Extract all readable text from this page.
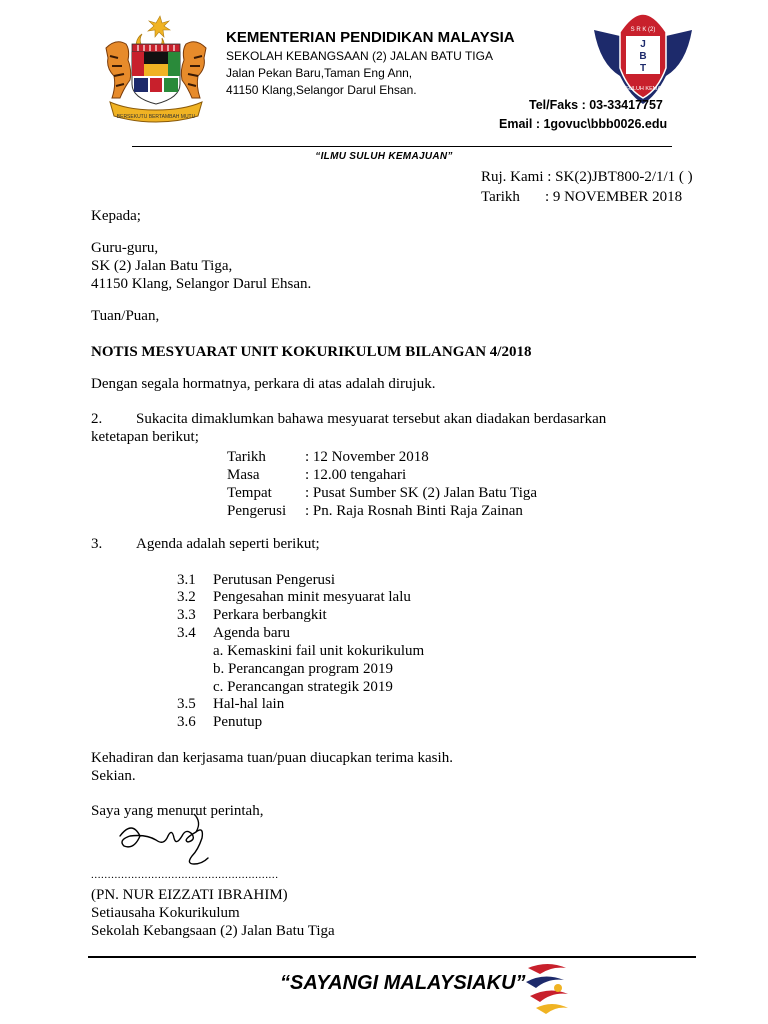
BERSEKUTU BERTAMBAH MUTU
KEMENTERIAN PENDIDIKAN MALAYSIA
SEKOLAH KEBANGSAAN (2) JALAN BATU TIGA
Jalan Pekan Baru,Taman Eng Ann,
41150 Klang,Selangor Darul Ehsan.
S R K (2)
J
B
T
ILMU SULUH KEMAJUAN
Tel/Faks : 03-33417757
Email : 1govuc\bbb0026.edu
“ILMU SULUH KEMAJUAN”
Ruj. Kami : SK(2)JBT800-2/1/1 ( )
Tarikh : 9 NOVEMBER 2018
Kepada;
Guru-guru,
SK (2) Jalan Batu Tiga,
41150 Klang, Selangor Darul Ehsan.
Tuan/Puan,
NOTIS MESYUARAT UNIT KOKURIKULUM BILANGAN 4/2018
Dengan segala hormatnya, perkara di atas adalah dirujuk.
2. Sukacita dimaklumkan bahawa mesyuarat tersebut akan diadakan berdasarkan
ketetapan berikut;
Tarikh	: 12 November 2018
Masa	: 12.00 tengahari
Tempat : Pusat Sumber SK (2) Jalan Batu Tiga
Pengerusi : Pn. Raja Rosnah Binti Raja Zainan
3. Agenda adalah seperti berikut;
3.1 Perutusan Pengerusi
3.2 Pengesahan minit mesyuarat lalu
3.3 Perkara berbangkit
3.4 Agenda baru
a. Kemaskini fail unit kokurikulum
b. Perancangan program 2019
c. Perancangan strategik 2019
3.5 Hal-hal lain
3.6 Penutup
Kehadiran dan kerjasama tuan/puan diucapkan terima kasih.
Sekian.
Saya yang menurut perintah,
........................................................
(PN. NUR EIZZATI IBRAHIM)
Setiausaha Kokurikulum
Sekolah Kebangsaan (2) Jalan Batu Tiga
“SAYANGI MALAYSIAKU”
